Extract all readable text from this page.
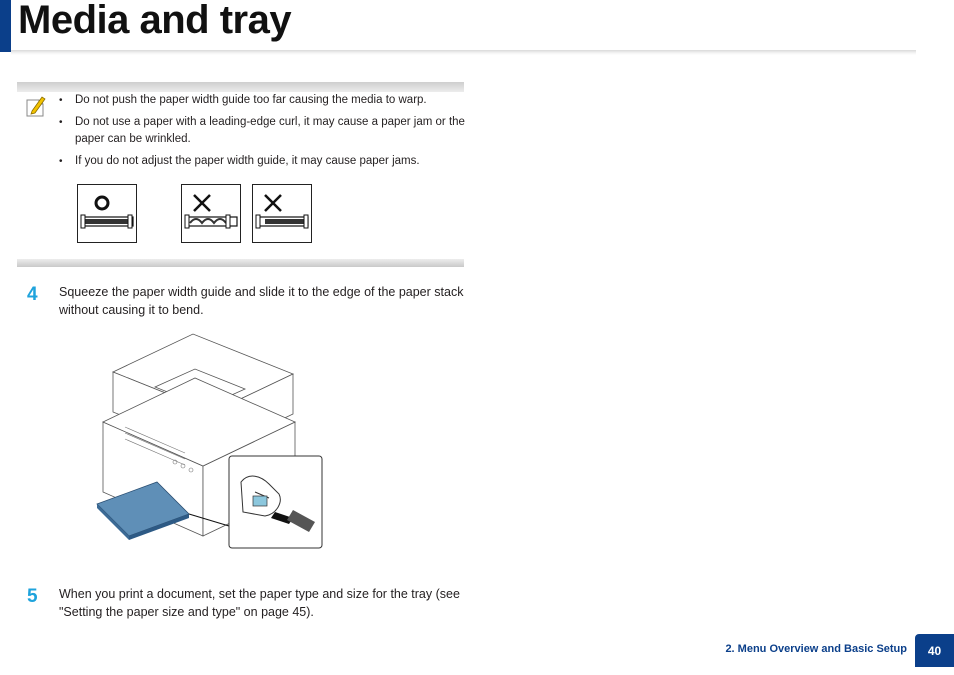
Media and tray
• Do not push the paper width guide too far causing the media to warp.
• Do not use a paper with a leading-edge curl, it may cause a paper jam or the paper can be wrinkled.
• If you do not adjust the paper width guide, it may cause paper jams.
4 Squeeze the paper width guide and slide it to the edge of the paper stack without causing it to bend.

5 When you print a document, set the paper type and size for the tray (see "Setting the paper size and type" on page 45).

2. Menu Overview and Basic Setup	40
